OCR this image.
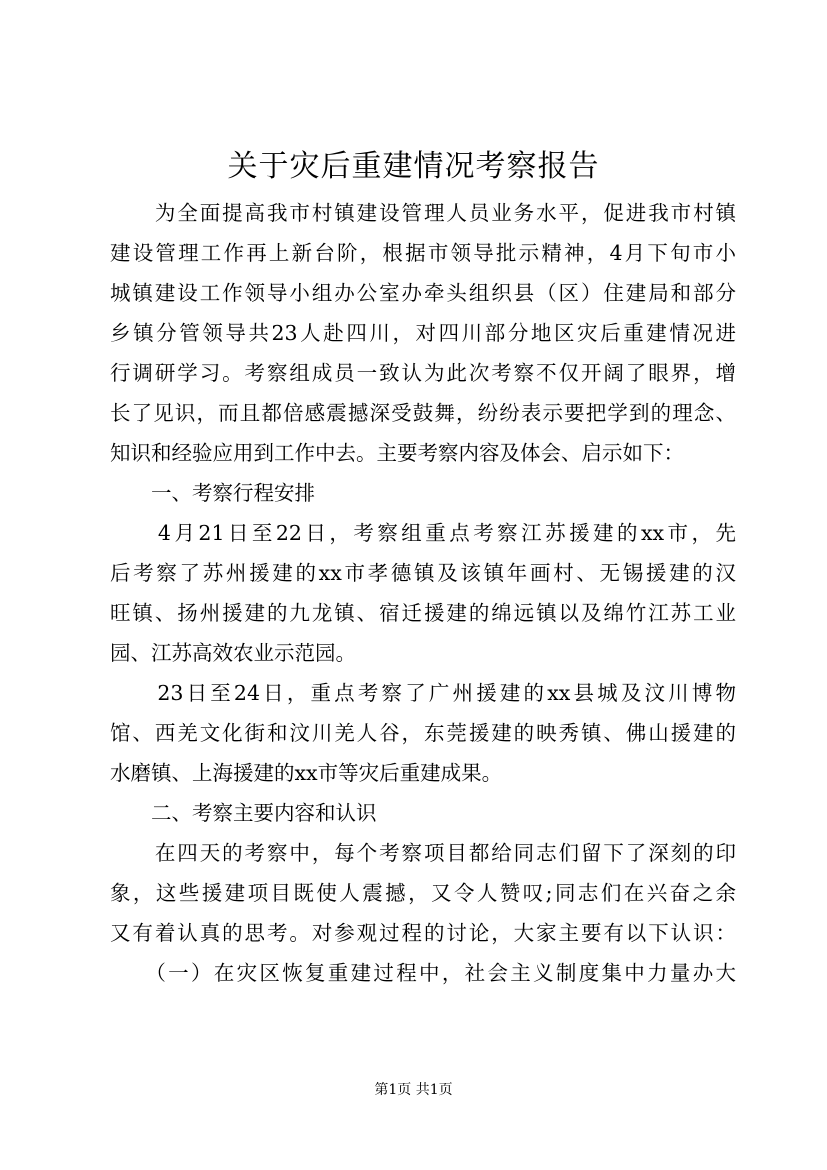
关于灾后重建情况考察报告
　　为全面提高我市村镇建设管理人员业务水平，促进我市村镇
建设管理工作再上新台阶，根据市领导批示精神，4月下旬市小
城镇建设工作领导小组办公室办牵头组织县（区）住建局和部分
乡镇分管领导共23人赴四川，对四川部分地区灾后重建情况进
行调研学习。考察组成员一致认为此次考察不仅开阔了眼界，增
长了见识，而且都倍感震撼深受鼓舞，纷纷表示要把学到的理念、
知识和经验应用到工作中去。主要考察内容及体会、启示如下：
　　一、考察行程安排
　　4月21日至22日，考察组重点考察江苏援建的xx市，先
后考察了苏州援建的xx市孝德镇及该镇年画村、无锡援建的汉
旺镇、扬州援建的九龙镇、宿迁援建的绵远镇以及绵竹江苏工业
园、江苏高效农业示范园。
　　23日至24日，重点考察了广州援建的xx县城及汶川博物
馆、西羌文化街和汶川羌人谷，东莞援建的映秀镇、佛山援建的
水磨镇、上海援建的xx市等灾后重建成果。
　　二、考察主要内容和认识
　　在四天的考察中，每个考察项目都给同志们留下了深刻的印
象，这些援建项目既使人震撼，又令人赞叹;同志们在兴奋之余
又有着认真的思考。对参观过程的讨论，大家主要有以下认识：
　　（一）在灾区恢复重建过程中，社会主义制度集中力量办大
第1页 共1页
